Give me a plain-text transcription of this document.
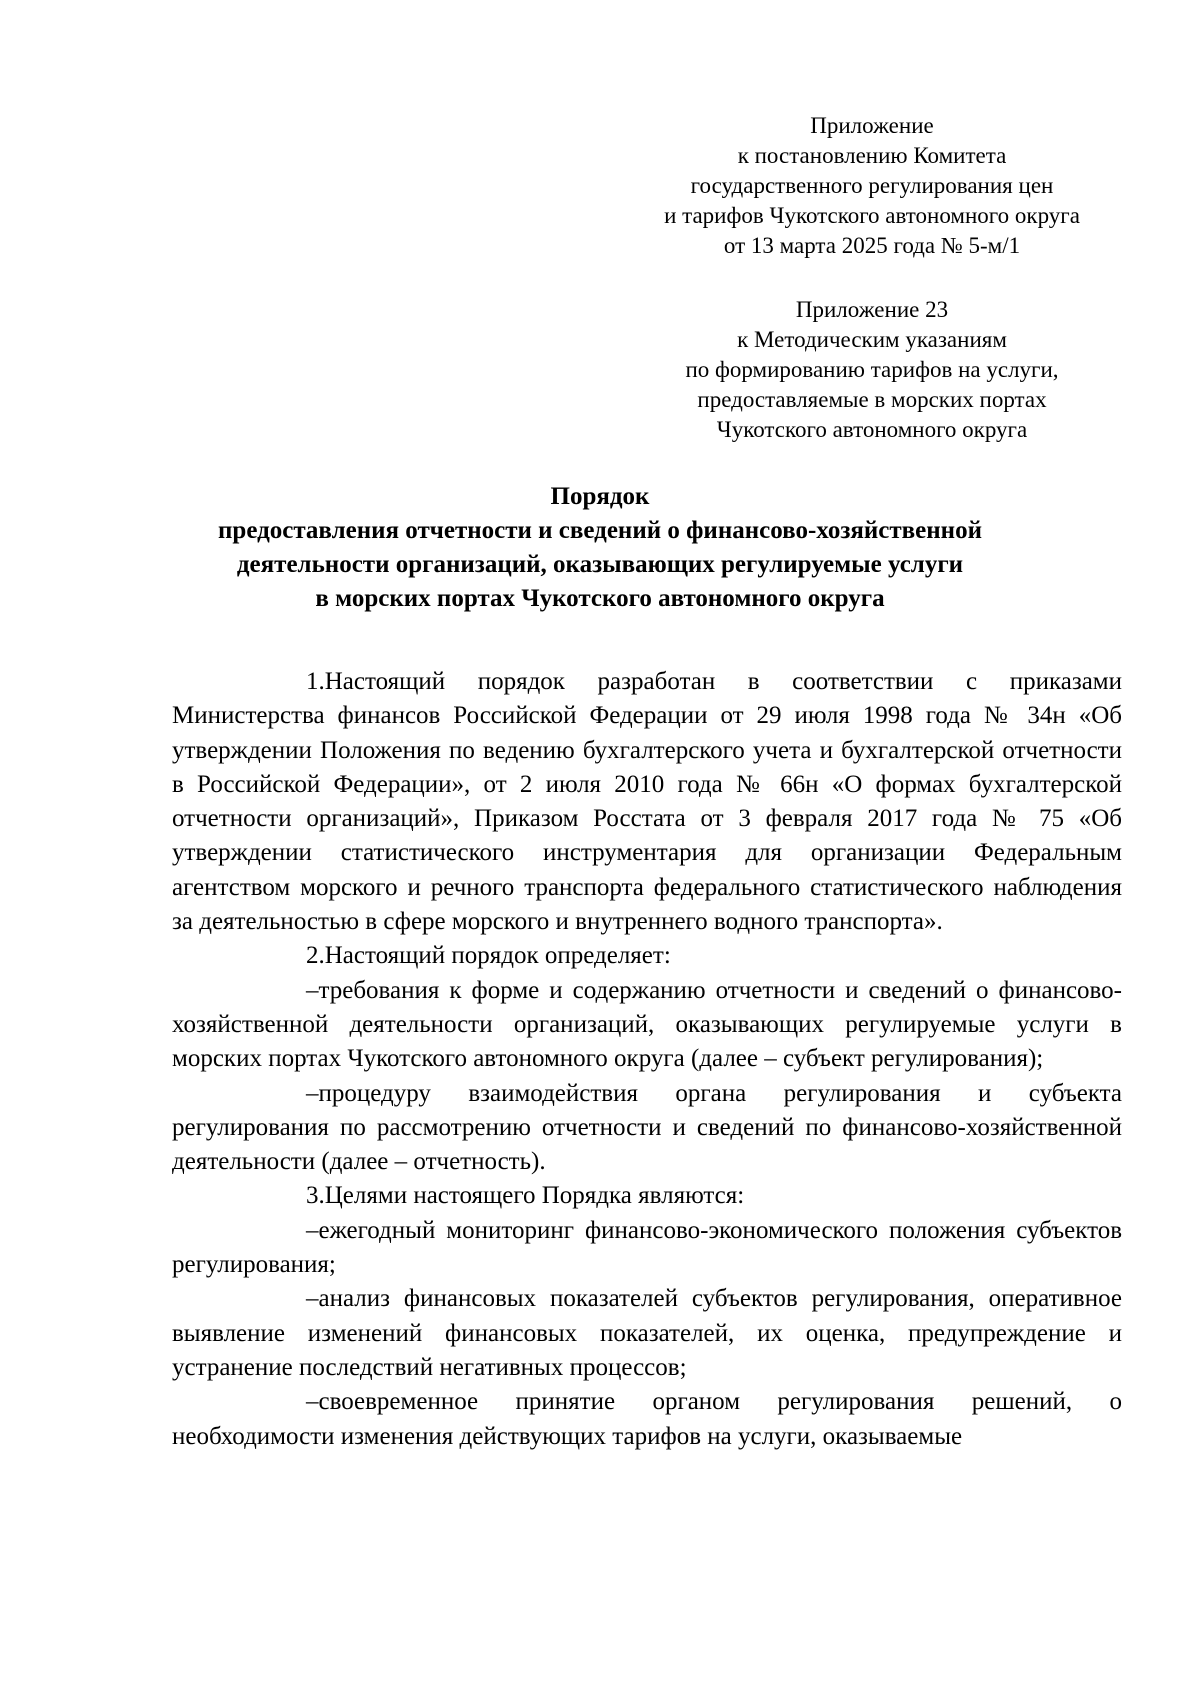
Приложение
к постановлению Комитета
государственного регулирования цен
и тарифов Чукотского автономного округа
от 13 марта 2025 года № 5-м/1
Приложение 23
к Методическим указаниям
по формированию тарифов на услуги,
предоставляемые в морских портах
Чукотского автономного округа
Порядок
предоставления отчетности и сведений о финансово-хозяйственной
деятельности организаций, оказывающих регулируемые услуги
в морских портах Чукотского автономного округа

1.Настоящий порядок разработан в соответствии с приказами Министерства финансов Российской Федерации от 29 июля 1998 года № 34н «Об утверждении Положения по ведению бухгалтерского учета и бухгалтерской отчетности в Российской Федерации», от 2 июля 2010 года № 66н «О формах бухгалтерской отчетности организаций», Приказом Росстата от 3 февраля 2017 года № 75 «Об утверждении статистического инструментария для организации Федеральным агентством морского и речного транспорта федерального статистического наблюдения за деятельностью в сфере морского и внутреннего водного транспорта».

2.Настоящий порядок определяет:

–требования к форме и содержанию отчетности и сведений о финансово-хозяйственной деятельности организаций, оказывающих регулируемые услуги в морских портах Чукотского автономного округа (далее – субъект регулирования);

–процедуру взаимодействия органа регулирования и субъекта регулирования по рассмотрению отчетности и сведений по финансово-хозяйственной деятельности (далее – отчетность).

3.Целями настоящего Порядка являются:

–ежегодный мониторинг финансово-экономического положения субъектов регулирования;

–анализ финансовых показателей субъектов регулирования, оперативное выявление изменений финансовых показателей, их оценка, предупреждение и устранение последствий негативных процессов;

–своевременное принятие органом регулирования решений, о необходимости изменения действующих тарифов на услуги, оказываемые
